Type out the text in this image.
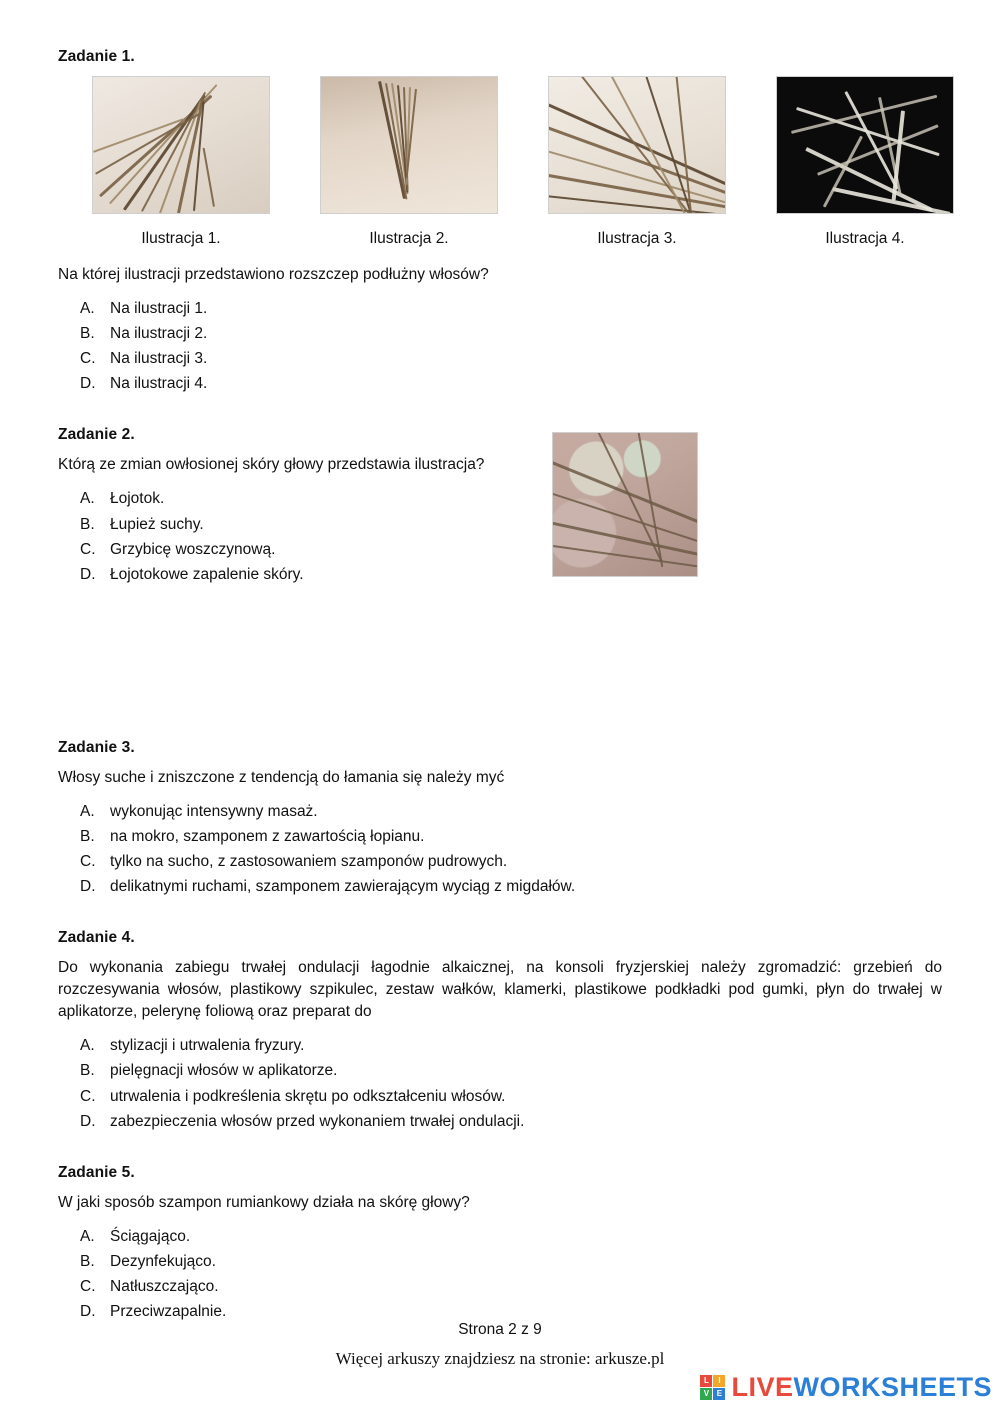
Zadanie 1.
Ilustracja 1.	Ilustracja 2.	Ilustracja 3.	Ilustracja 4.
Na której ilustracji przedstawiono rozszczep podłużny włosów?
A. Na ilustracji 1.
B. Na ilustracji 2.
C. Na ilustracji 3.
D. Na ilustracji 4.
Zadanie 2.
Którą ze zmian owłosionej skóry głowy przedstawia ilustracja?
A. Łojotok.
B. Łupież suchy.
C. Grzybicę woszczynową.
D. Łojotokowe zapalenie skóry.
Zadanie 3.
Włosy suche i zniszczone z tendencją do łamania się należy myć
A. wykonując intensywny masaż.
B. na mokro, szamponem z zawartością łopianu.
C. tylko na sucho, z zastosowaniem szamponów pudrowych.
D. delikatnymi ruchami, szamponem zawierającym wyciąg z migdałów.
Zadanie 4.
Do wykonania zabiegu trwałej ondulacji łagodnie alkaicznej, na konsoli fryzjerskiej należy zgromadzić: grzebień do rozczesywania włosów, plastikowy szpikulec, zestaw wałków, klamerki, plastikowe podkładki pod gumki, płyn do trwałej w aplikatorze, pelerynę foliową oraz preparat do
A. stylizacji i utrwalenia fryzury.
B. pielęgnacji włosów w aplikatorze.
C. utrwalenia i podkreślenia skrętu po odkształceniu włosów.
D. zabezpieczenia włosów przed wykonaniem trwałej ondulacji.
Zadanie 5.
W jaki sposób szampon rumiankowy działa na skórę głowy?
A. Ściągająco.
B. Dezynfekująco.
C. Natłuszczająco.
D. Przeciwzapalnie.
Strona 2 z 9
Więcej arkuszy znajdziesz na stronie: arkusze.pl
L	I
V E LIVEWORKSHEETS
